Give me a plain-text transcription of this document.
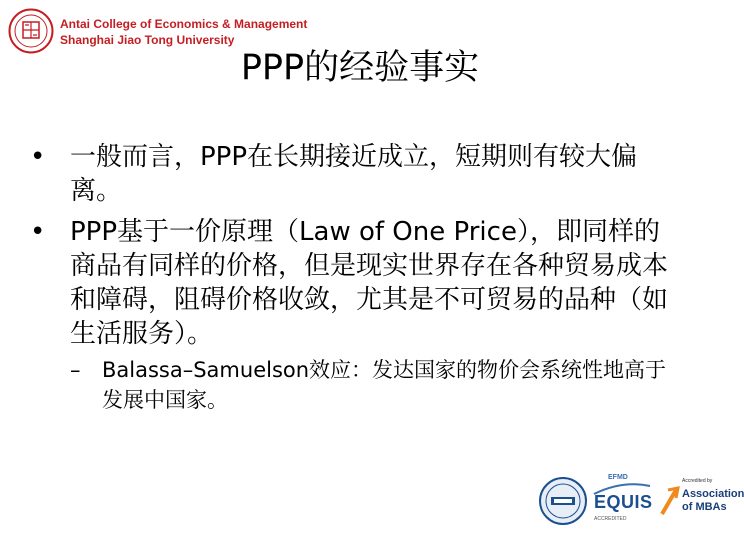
Antai College of Economics & Management
Shanghai Jiao Tong University
PPP的经验事实
• 一般而言，PPP在长期接近成立，短期则有较大偏离。
• PPP基于一价原理（Law of One Price），即同样的商品有同样的价格，但是现实世界存在各种贸易成本和障碍，阻碍价格收敛，尤其是不可贸易的品种（如生活服务）。
– Balassa–Samuelson效应：发达国家的物价会系统性地高于发展中国家。
EFMD
EQUIS
ACCREDITED
Accredited by
Association
of MBAs
